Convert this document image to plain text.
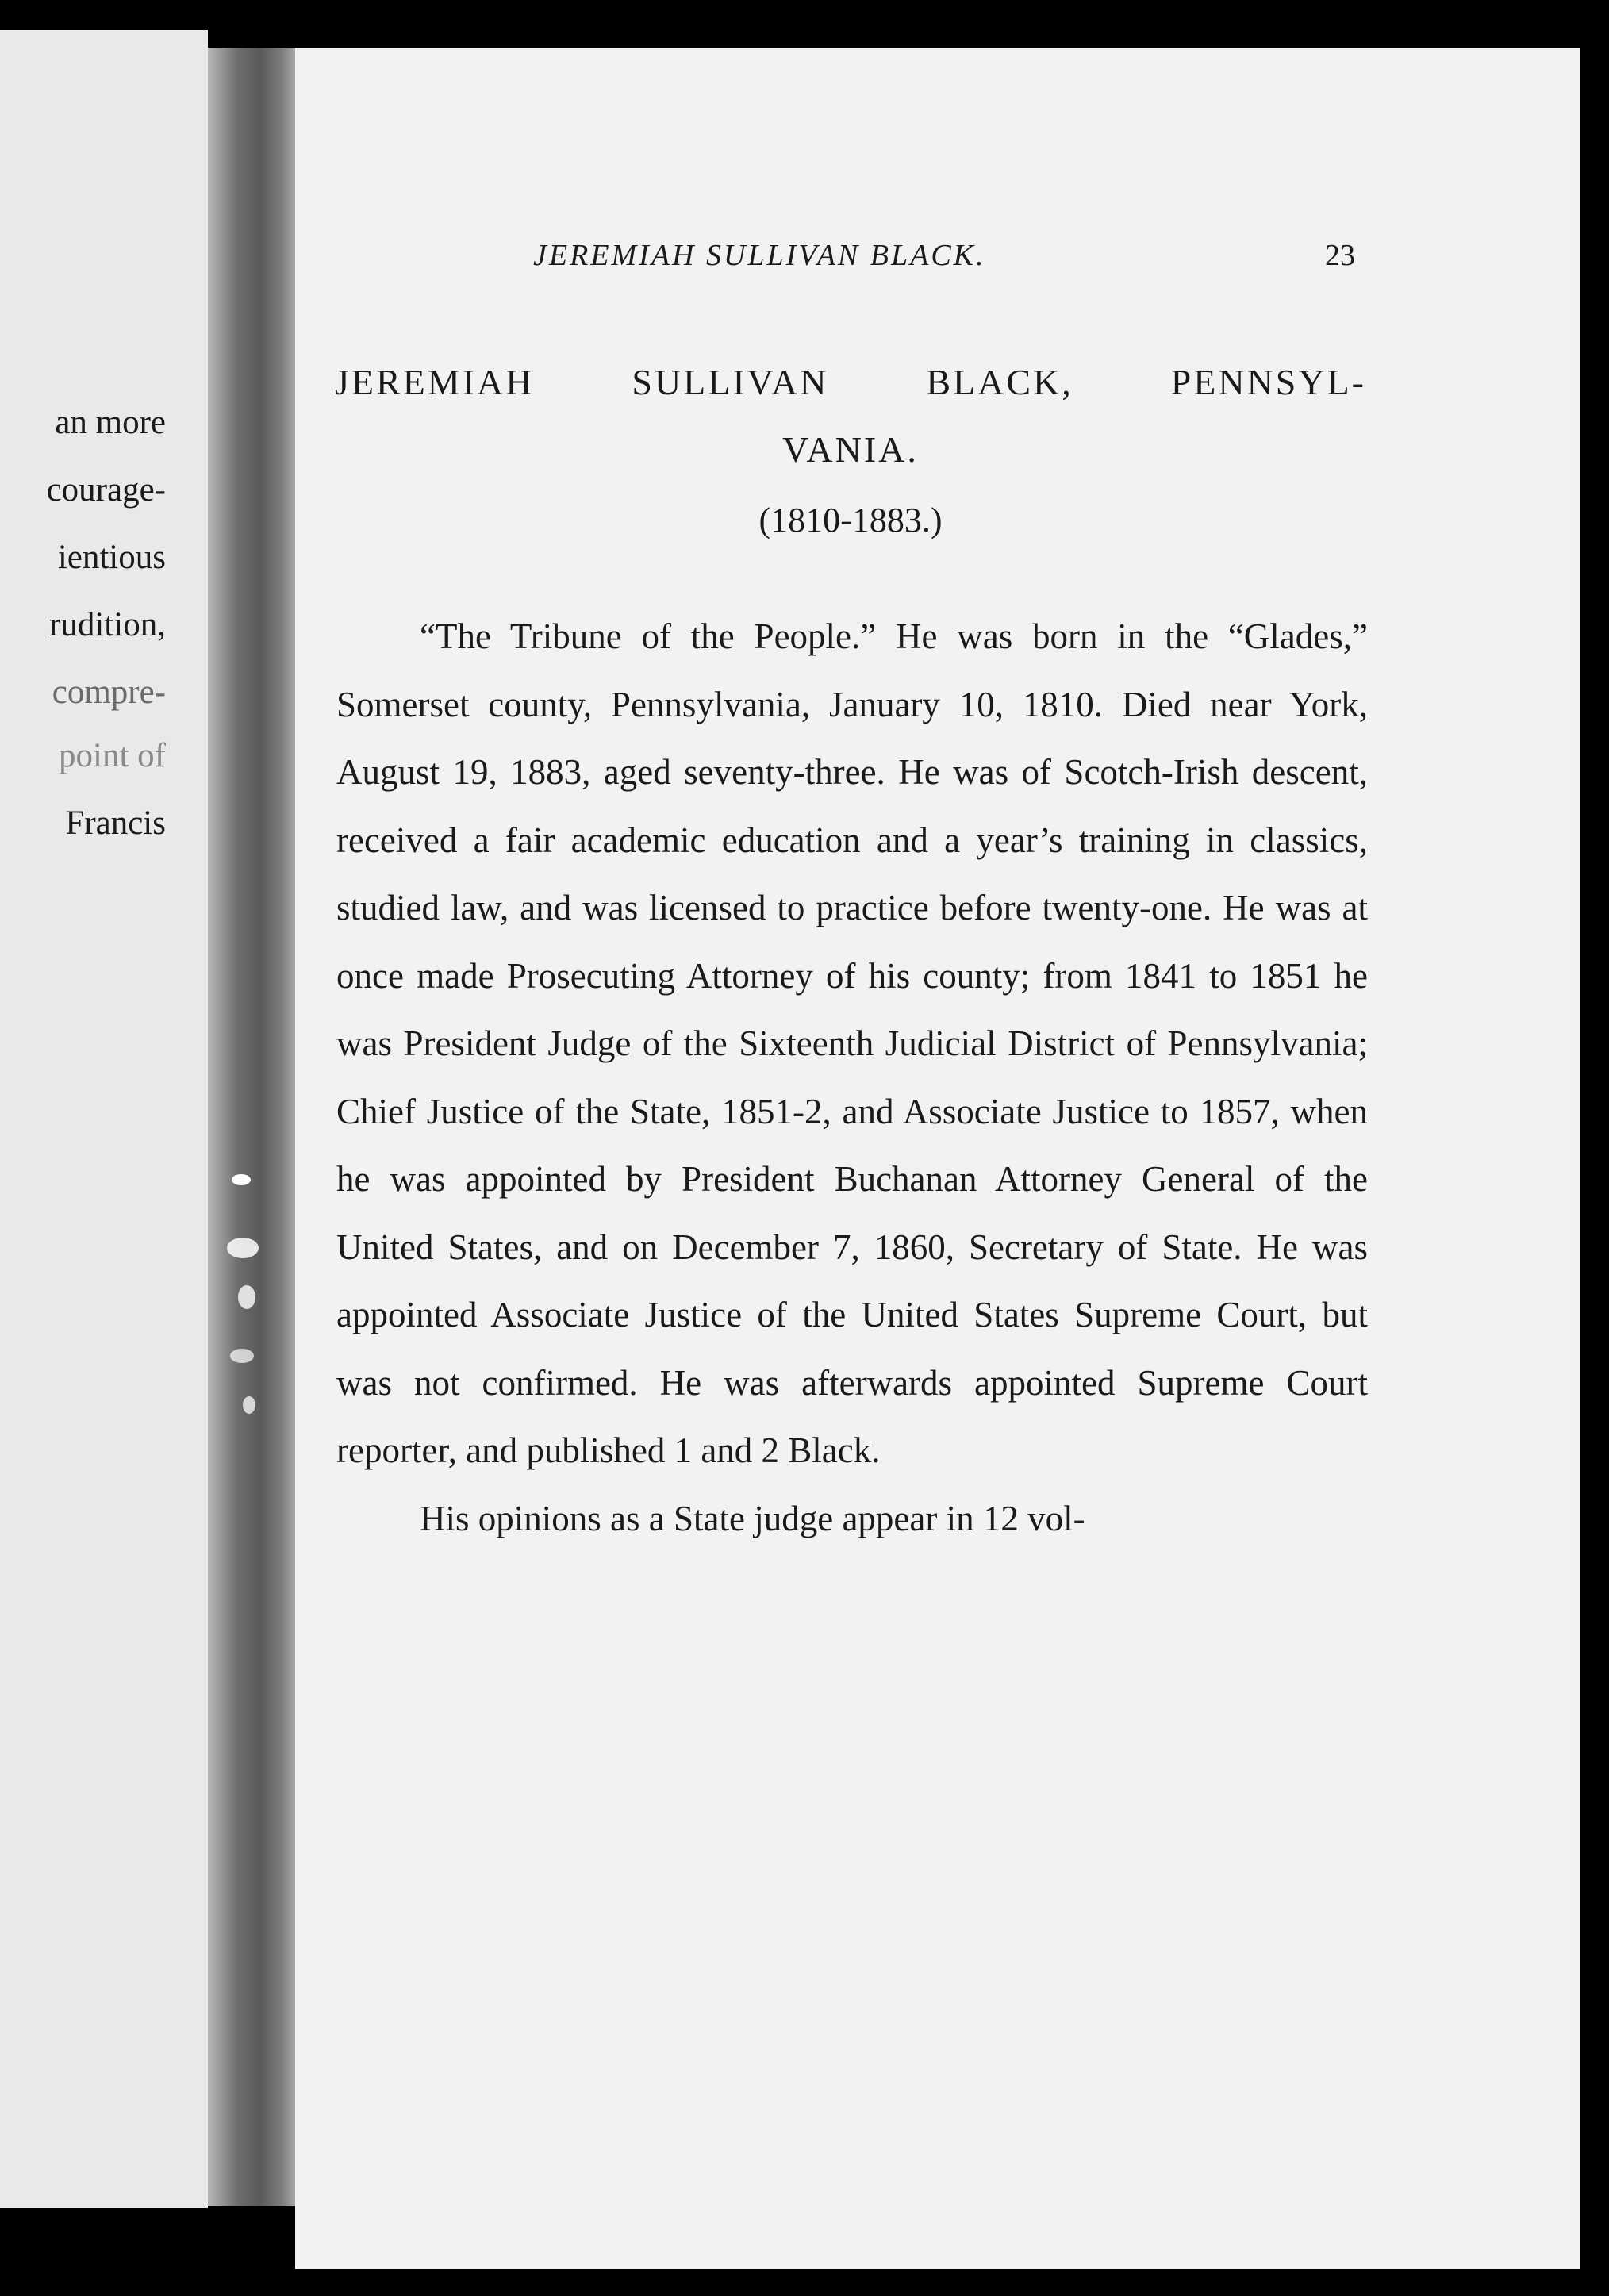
an more
courage-
ientious
rudition,
compre-
point of
Francis
JEREMIAH SULLIVAN BLACK.	23
JEREMIAH SULLIVAN BLACK, PENNSYL-
VANIA.
(1810-1883.)

“The Tribune of the People.” He was born in the “Glades,” Somerset county, Pennsylvania, January 10, 1810. Died near York, August 19, 1883, aged seventy-three. He was of Scotch-Irish descent, received a fair academic education and a year’s training in classics, studied law, and was licensed to practice before twenty-one. He was at once made Prosecuting Attorney of his county; from 1841 to 1851 he was President Judge of the Sixteenth Judicial District of Pennsylvania; Chief Justice of the State, 1851-2, and Associate Justice to 1857, when he was appointed by President Buchanan Attorney General of the United States, and on December 7, 1860, Secretary of State. He was appointed Associate Justice of the United States Supreme Court, but was not confirmed. He was afterwards appointed Supreme Court reporter, and published 1 and 2 Black.

His opinions as a State judge appear in 12 vol-
